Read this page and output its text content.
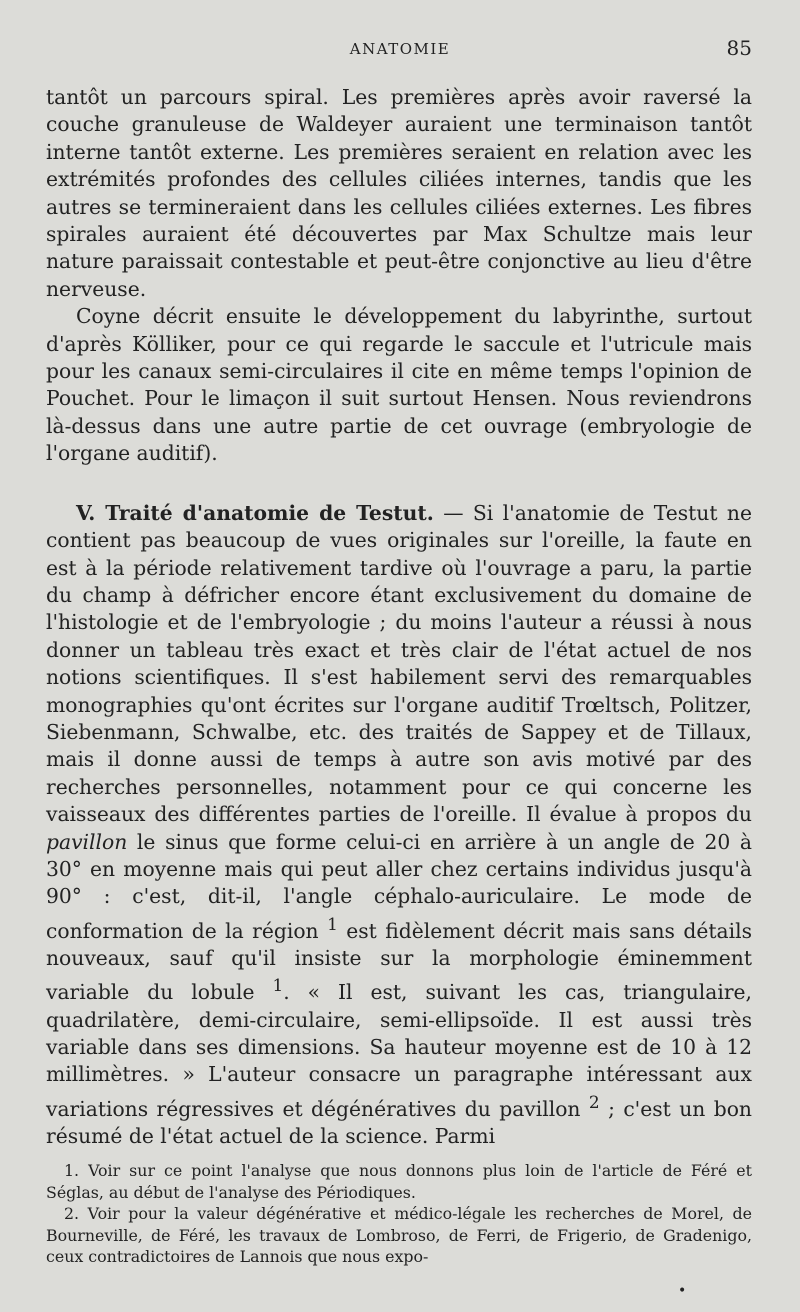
ANATOMIE	85

tantôt un parcours spiral. Les premières après avoir raversé la couche granuleuse de Waldeyer auraient une terminaison tantôt interne tantôt externe. Les premières seraient en relation avec les extrémités profondes des cellules ciliées internes, tandis que les autres se termineraient dans les cellules ciliées externes. Les fibres spirales auraient été découvertes par Max Schultze mais leur nature paraissait contestable et peut-être conjonctive au lieu d'être nerveuse.

Coyne décrit ensuite le développement du labyrinthe, surtout d'après Kölliker, pour ce qui regarde le saccule et l'utricule mais pour les canaux semi-circulaires il cite en même temps l'opinion de Pouchet. Pour le limaçon il suit surtout Hensen. Nous reviendrons là-dessus dans une autre partie de cet ouvrage (embryologie de l'organe auditif).

V. Traité d'anatomie de Testut. — Si l'anatomie de Testut ne contient pas beaucoup de vues originales sur l'oreille, la faute en est à la période relativement tardive où l'ouvrage a paru, la partie du champ à défricher encore étant exclusivement du domaine de l'histologie et de l'embryologie ; du moins l'auteur a réussi à nous donner un tableau très exact et très clair de l'état actuel de nos notions scientifiques. Il s'est habilement servi des remarquables monographies qu'ont écrites sur l'organe auditif Trœltsch, Politzer, Siebenmann, Schwalbe, etc. des traités de Sappey et de Tillaux, mais il donne aussi de temps à autre son avis motivé par des recherches personnelles, notamment pour ce qui concerne les vaisseaux des différentes parties de l'oreille. Il évalue à propos du pavillon le sinus que forme celui-ci en arrière à un angle de 20 à 30° en moyenne mais qui peut aller chez certains individus jusqu'à 90° : c'est, dit-il, l'angle céphalo-auriculaire. Le mode de conformation de la région $^1$ est fidèlement décrit mais sans détails nouveaux, sauf qu'il insiste sur la morphologie éminemment variable du lobule $^1$. « Il est, suivant les cas, triangulaire, quadrilatère, demi-circulaire, semi-ellipsoïde. Il est aussi très variable dans ses dimensions. Sa hauteur moyenne est de 10 à 12 millimètres. » L'auteur consacre un paragraphe intéressant aux variations régressives et dégénératives du pavillon $^2$ ; c'est un bon résumé de l'état actuel de la science. Parmi

1. Voir sur ce point l'analyse que nous donnons plus loin de l'article de Féré et Séglas, au début de l'analyse des Périodiques.

2. Voir pour la valeur dégénérative et médico-légale les recherches de Morel, de Bourneville, de Féré, les travaux de Lombroso, de Ferri, de Frigerio, de Gradenigo, ceux contradictoires de Lannois que nous expo-

•
